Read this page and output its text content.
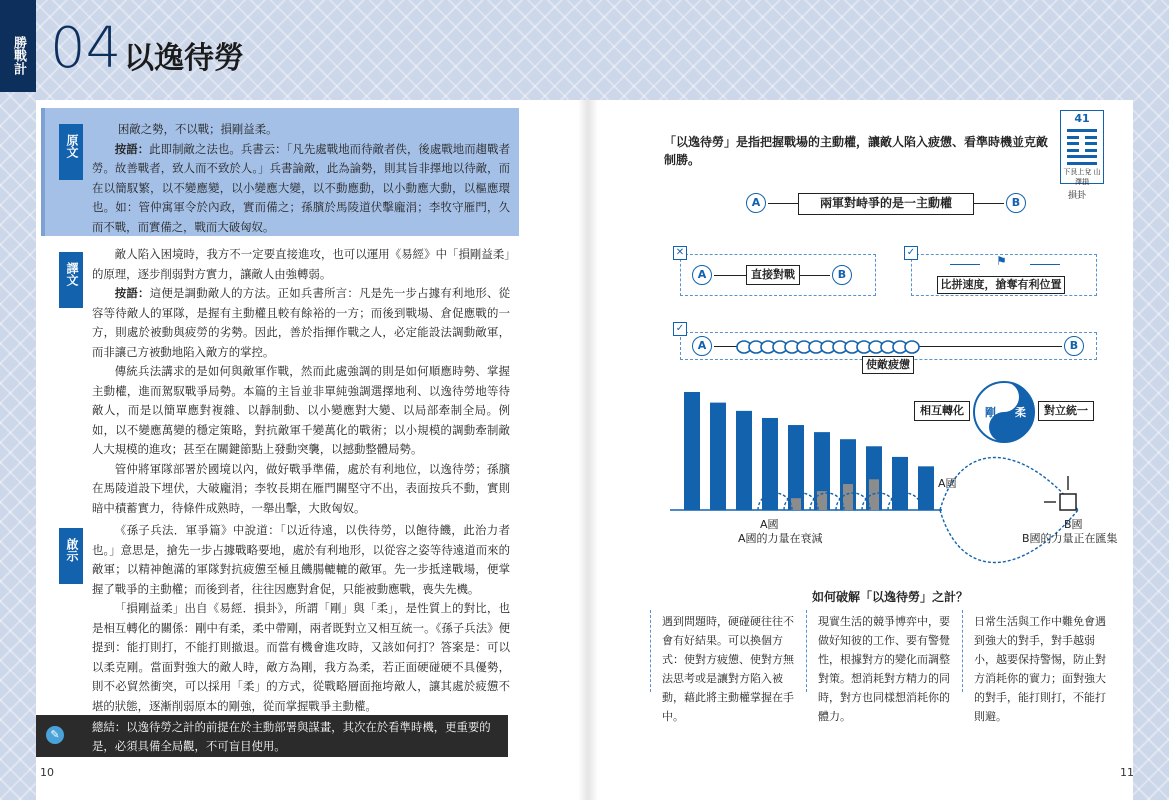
勝戰計 04 以逸待勞
原文
困敵之勢，不以戰；損剛益柔。

按語：此即制敵之法也。兵書云：「凡先處戰地而待敵者佚，後處戰地而趨戰者勞。故善戰者，致人而不致於人。」兵書論敵，此為論勢，則其旨非擇地以待敵，而在以簡馭繁，以不變應變，以小變應大變，以不動應動，以小動應大動，以樞應環也。如：管仲寓軍令於內政，實而備之；孫臏於馬陵道伏擊龐涓；李牧守雁門，久而不戰，而實備之，戰而大破匈奴。

譯文

敵人陷入困境時，我方不一定要直接進攻，也可以運用《易經》中「損剛益柔」的原理，逐步削弱對方實力，讓敵人由強轉弱。

按語：這便是調動敵人的方法。正如兵書所言：凡是先一步占據有利地形、從容等待敵人的軍隊，是握有主動權且較有餘裕的一方；而後到戰場、倉促應戰的一方，則處於被動與疲勞的劣勢。因此，善於指揮作戰之人，必定能設法調動敵軍，而非讓己方被動地陷入敵方的掌控。

傳統兵法講求的是如何與敵軍作戰，然而此處強調的則是如何順應時勢、掌握主動權，進而駕馭戰爭局勢。本篇的主旨並非單純強調選擇地利、以逸待勞地等待敵人，而是以簡單應對複雜、以靜制動、以小變應對大變、以局部牽制全局。例如，以不變應萬變的穩定策略，對抗敵軍千變萬化的戰術；以小規模的調動牽制敵人大規模的進攻；甚至在關鍵節點上發動突襲，以撼動整體局勢。

管仲將軍隊部署於國境以內，做好戰爭準備，處於有利地位，以逸待勞；孫臏在馬陵道設下埋伏，大破龐涓；李牧長期在雁門關堅守不出，表面按兵不動，實則暗中積蓄實力，待條件成熟時，一舉出擊，大敗匈奴。

啟示

《孫子兵法．軍爭篇》中說道：「以近待遠，以佚待勞，以飽待饑，此治力者也。」意思是，搶先一步占據戰略要地，處於有利地形，以從容之姿等待遠道而來的敵軍；以精神飽滿的軍隊對抗疲憊至極且饑腸轆轆的敵軍。先一步抵達戰場，便掌握了戰爭的主動權；而後到者，往往因應對倉促，只能被動應戰，喪失先機。

「損剛益柔」出自《易經．損卦》，所謂「剛」與「柔」，是性質上的對比，也是相互轉化的關係：剛中有柔，柔中帶剛，兩者既對立又相互統一。《孫子兵法》便提到：能打則打，不能打則撤退。而當有機會進攻時，又該如何打？答案是：可以以柔克剛。當面對強大的敵人時，敵方為剛，我方為柔，若正面硬碰硬不具優勢，則不必貿然衝突，可以採用「柔」的方式，從戰略層面拖垮敵人，讓其處於疲憊不堪的狀態，逐漸削弱原本的剛強，從而掌握戰爭主動權。

總結：以逸待勞之計的前提在於主動部署與謀畫，其次在於看準時機，更重要的是，必須具備全局觀，不可盲目使用。
✎
10
「以逸待勞」是指把握戰場的主動權，讓敵人陷入疲憊、看準時機並克敵制勝。
41
下艮上兌 山澤損
損卦
A	B
兩軍對峙爭的是一主動權
✕
A	B
直接對戰
✓
⚑
比拼速度，搶奪有利位置
✓
A	B
使敵疲憊
相互轉化	對立統一
剛 柔
A國
A國的力量在衰減
A國
B國
B國的力量正在匯集
如何破解「以逸待勞」之計？
遇到問題時，硬碰硬往往不會有好結果。可以換個方式：使對方疲憊、使對方無法思考或是讓對方陷入被動，藉此將主動權掌握在手中。
現實生活的競爭博弈中，要做好知彼的工作、要有警覺性，根據對方的變化而調整對策。想消耗對方精力的同時，對方也同樣想消耗你的體力。
日常生活與工作中難免會遇到強大的對手，對手越弱小，越要保持警惕，防止對方消耗你的實力；面對強大的對手，能打則打，不能打則避。
11
